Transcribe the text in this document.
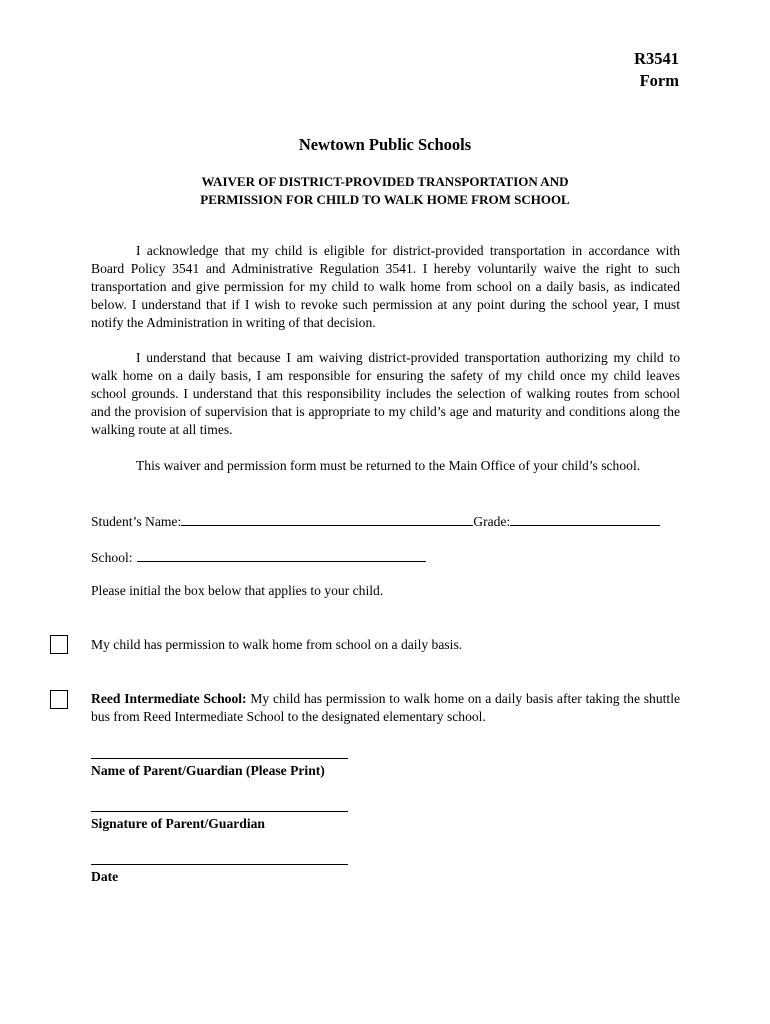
R3541
Form
Newtown Public Schools
WAIVER OF DISTRICT-PROVIDED TRANSPORTATION AND
PERMISSION FOR CHILD TO WALK HOME FROM SCHOOL
I acknowledge that my child is eligible for district-provided transportation in accordance with Board Policy 3541 and Administrative Regulation 3541. I hereby voluntarily waive the right to such transportation and give permission for my child to walk home from school on a daily basis, as indicated below. I understand that if I wish to revoke such permission at any point during the school year, I must notify the Administration in writing of that decision.
I understand that because I am waiving district-provided transportation authorizing my child to walk home on a daily basis, I am responsible for ensuring the safety of my child once my child leaves school grounds. I understand that this responsibility includes the selection of walking routes from school and the provision of supervision that is appropriate to my child’s age and maturity and conditions along the walking route at all times.
This waiver and permission form must be returned to the Main Office of your child’s school.
Student’s Name:	Grade:
School:
Please initial the box below that applies to your child.
My child has permission to walk home from school on a daily basis.
Reed Intermediate School: My child has permission to walk home on a daily basis after taking the shuttle bus from Reed Intermediate School to the designated elementary school.
Name of Parent/Guardian (Please Print)
Signature of Parent/Guardian
Date
